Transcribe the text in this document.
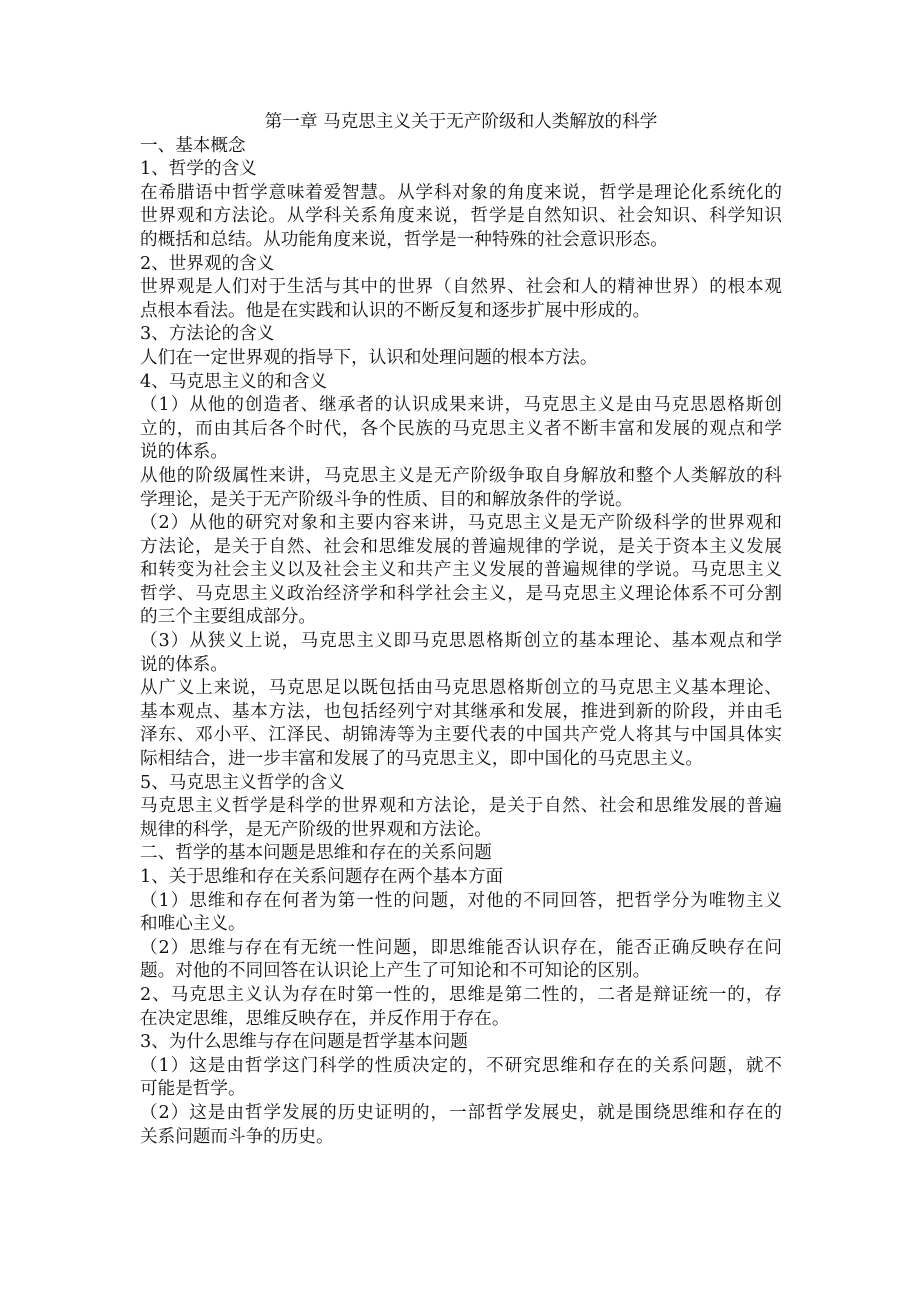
第一章 马克思主义关于无产阶级和人类解放的科学
一、基本概念
1、哲学的含义
在希腊语中哲学意味着爱智慧。从学科对象的角度来说，哲学是理论化系统化的
世界观和方法论。从学科关系角度来说，哲学是自然知识、社会知识、科学知识
的概括和总结。从功能角度来说，哲学是一种特殊的社会意识形态。
2、世界观的含义
世界观是人们对于生活与其中的世界（自然界、社会和人的精神世界）的根本观
点根本看法。他是在实践和认识的不断反复和逐步扩展中形成的。
3、方法论的含义
人们在一定世界观的指导下，认识和处理问题的根本方法。
4、马克思主义的和含义
（1）从他的创造者、继承者的认识成果来讲，马克思主义是由马克思恩格斯创
立的，而由其后各个时代，各个民族的马克思主义者不断丰富和发展的观点和学
说的体系。
从他的阶级属性来讲，马克思主义是无产阶级争取自身解放和整个人类解放的科
学理论，是关于无产阶级斗争的性质、目的和解放条件的学说。
（2）从他的研究对象和主要内容来讲，马克思主义是无产阶级科学的世界观和
方法论，是关于自然、社会和思维发展的普遍规律的学说，是关于资本主义发展
和转变为社会主义以及社会主义和共产主义发展的普遍规律的学说。马克思主义
哲学、马克思主义政治经济学和科学社会主义，是马克思主义理论体系不可分割
的三个主要组成部分。
（3）从狭义上说，马克思主义即马克思恩格斯创立的基本理论、基本观点和学
说的体系。
从广义上来说，马克思足以既包括由马克思恩格斯创立的马克思主义基本理论、
基本观点、基本方法，也包括经列宁对其继承和发展，推进到新的阶段，并由毛
泽东、邓小平、江泽民、胡锦涛等为主要代表的中国共产党人将其与中国具体实
际相结合，进一步丰富和发展了的马克思主义，即中国化的马克思主义。
5、马克思主义哲学的含义
马克思主义哲学是科学的世界观和方法论，是关于自然、社会和思维发展的普遍
规律的科学，是无产阶级的世界观和方法论。
二、哲学的基本问题是思维和存在的关系问题
1、关于思维和存在关系问题存在两个基本方面
（1）思维和存在何者为第一性的问题，对他的不同回答，把哲学分为唯物主义
和唯心主义。
（2）思维与存在有无统一性问题，即思维能否认识存在，能否正确反映存在问
题。对他的不同回答在认识论上产生了可知论和不可知论的区别。
2、马克思主义认为存在时第一性的，思维是第二性的，二者是辩证统一的，存
在决定思维，思维反映存在，并反作用于存在。
3、为什么思维与存在问题是哲学基本问题
（1）这是由哲学这门科学的性质决定的，不研究思维和存在的关系问题，就不
可能是哲学。
（2）这是由哲学发展的历史证明的，一部哲学发展史，就是围绕思维和存在的
关系问题而斗争的历史。
